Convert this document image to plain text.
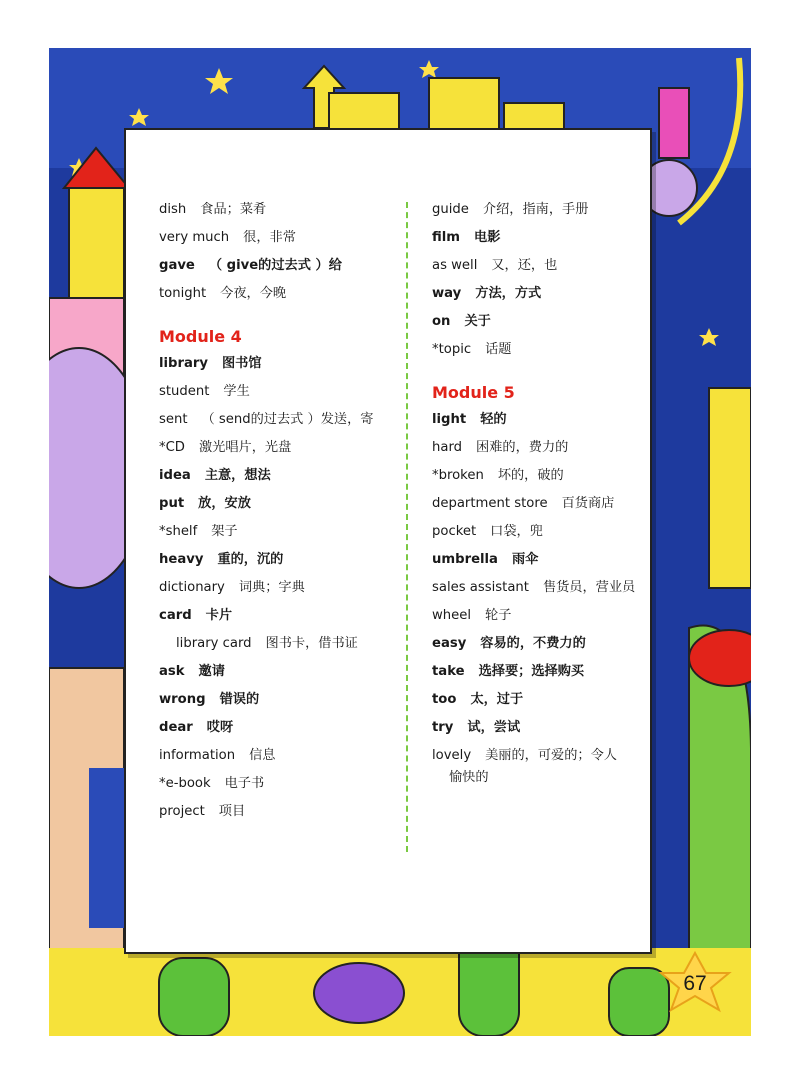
dish 食品；菜肴
very much 很，非常
gave （ give的过去式 ）给
tonight 今夜，今晚
Module 4
library 图书馆
student 学生
sent （ send的过去式 ）发送，寄
*CD 激光唱片，光盘
idea 主意，想法
put 放，安放
*shelf 架子
heavy 重的，沉的
dictionary 词典；字典
card 卡片
library card 图书卡，借书证
ask 邀请
wrong 错误的
dear 哎呀
information 信息
*e-book 电子书
project 项目
guide 介绍，指南，手册
film 电影
as well 又，还，也
way 方法，方式
on 关于
*topic 话题
Module 5
light 轻的
hard 困难的，费力的
*broken 坏的，破的
department store 百货商店
pocket 口袋，兜
umbrella 雨伞
sales assistant 售货员，营业员
wheel 轮子
easy 容易的，不费力的
take 选择要；选择购买
too 太，过于
try 试，尝试
lovely 美丽的，可爱的；令人
愉快的
67
